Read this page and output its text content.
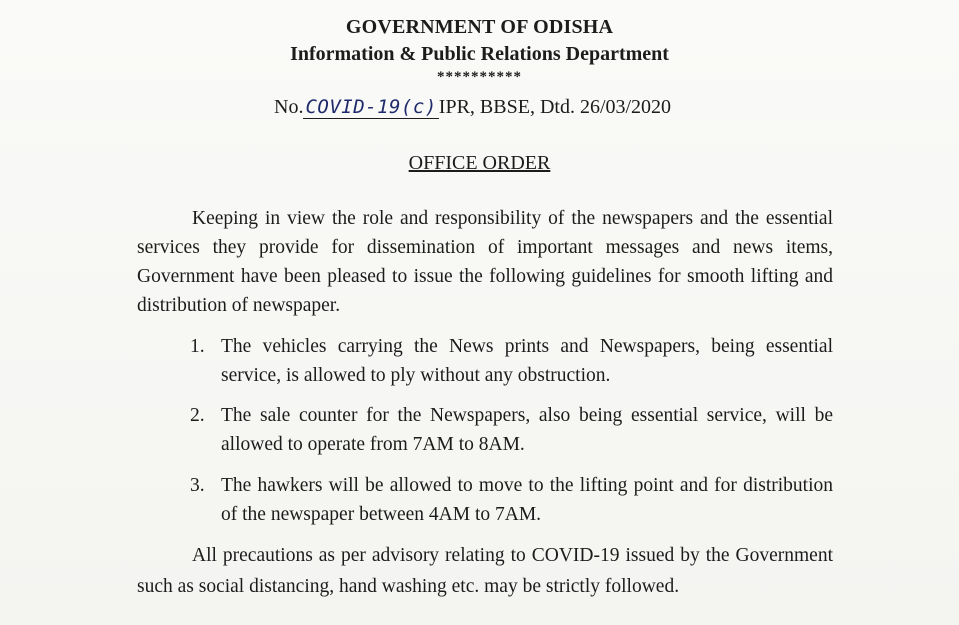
GOVERNMENT OF ODISHA
Information & Public Relations Department
**********
No. COVID-19(c) IPR, BBSE, Dtd. 26/03/2020
OFFICE ORDER

Keeping in view the role and responsibility of the newspapers and the essential services they provide for dissemination of important messages and news items, Government have been pleased to issue the following guidelines for smooth lifting and distribution of newspaper.

1. The vehicles carrying the News prints and Newspapers, being essential service, is allowed to ply without any obstruction.
2. The sale counter for the Newspapers, also being essential service, will be allowed to operate from 7AM to 8AM.
3. The hawkers will be allowed to move to the lifting point and for distribution of the newspaper between 4AM to 7AM.

All precautions as per advisory relating to COVID-19 issued by the Government such as social distancing, hand washing etc. may be strictly followed.
